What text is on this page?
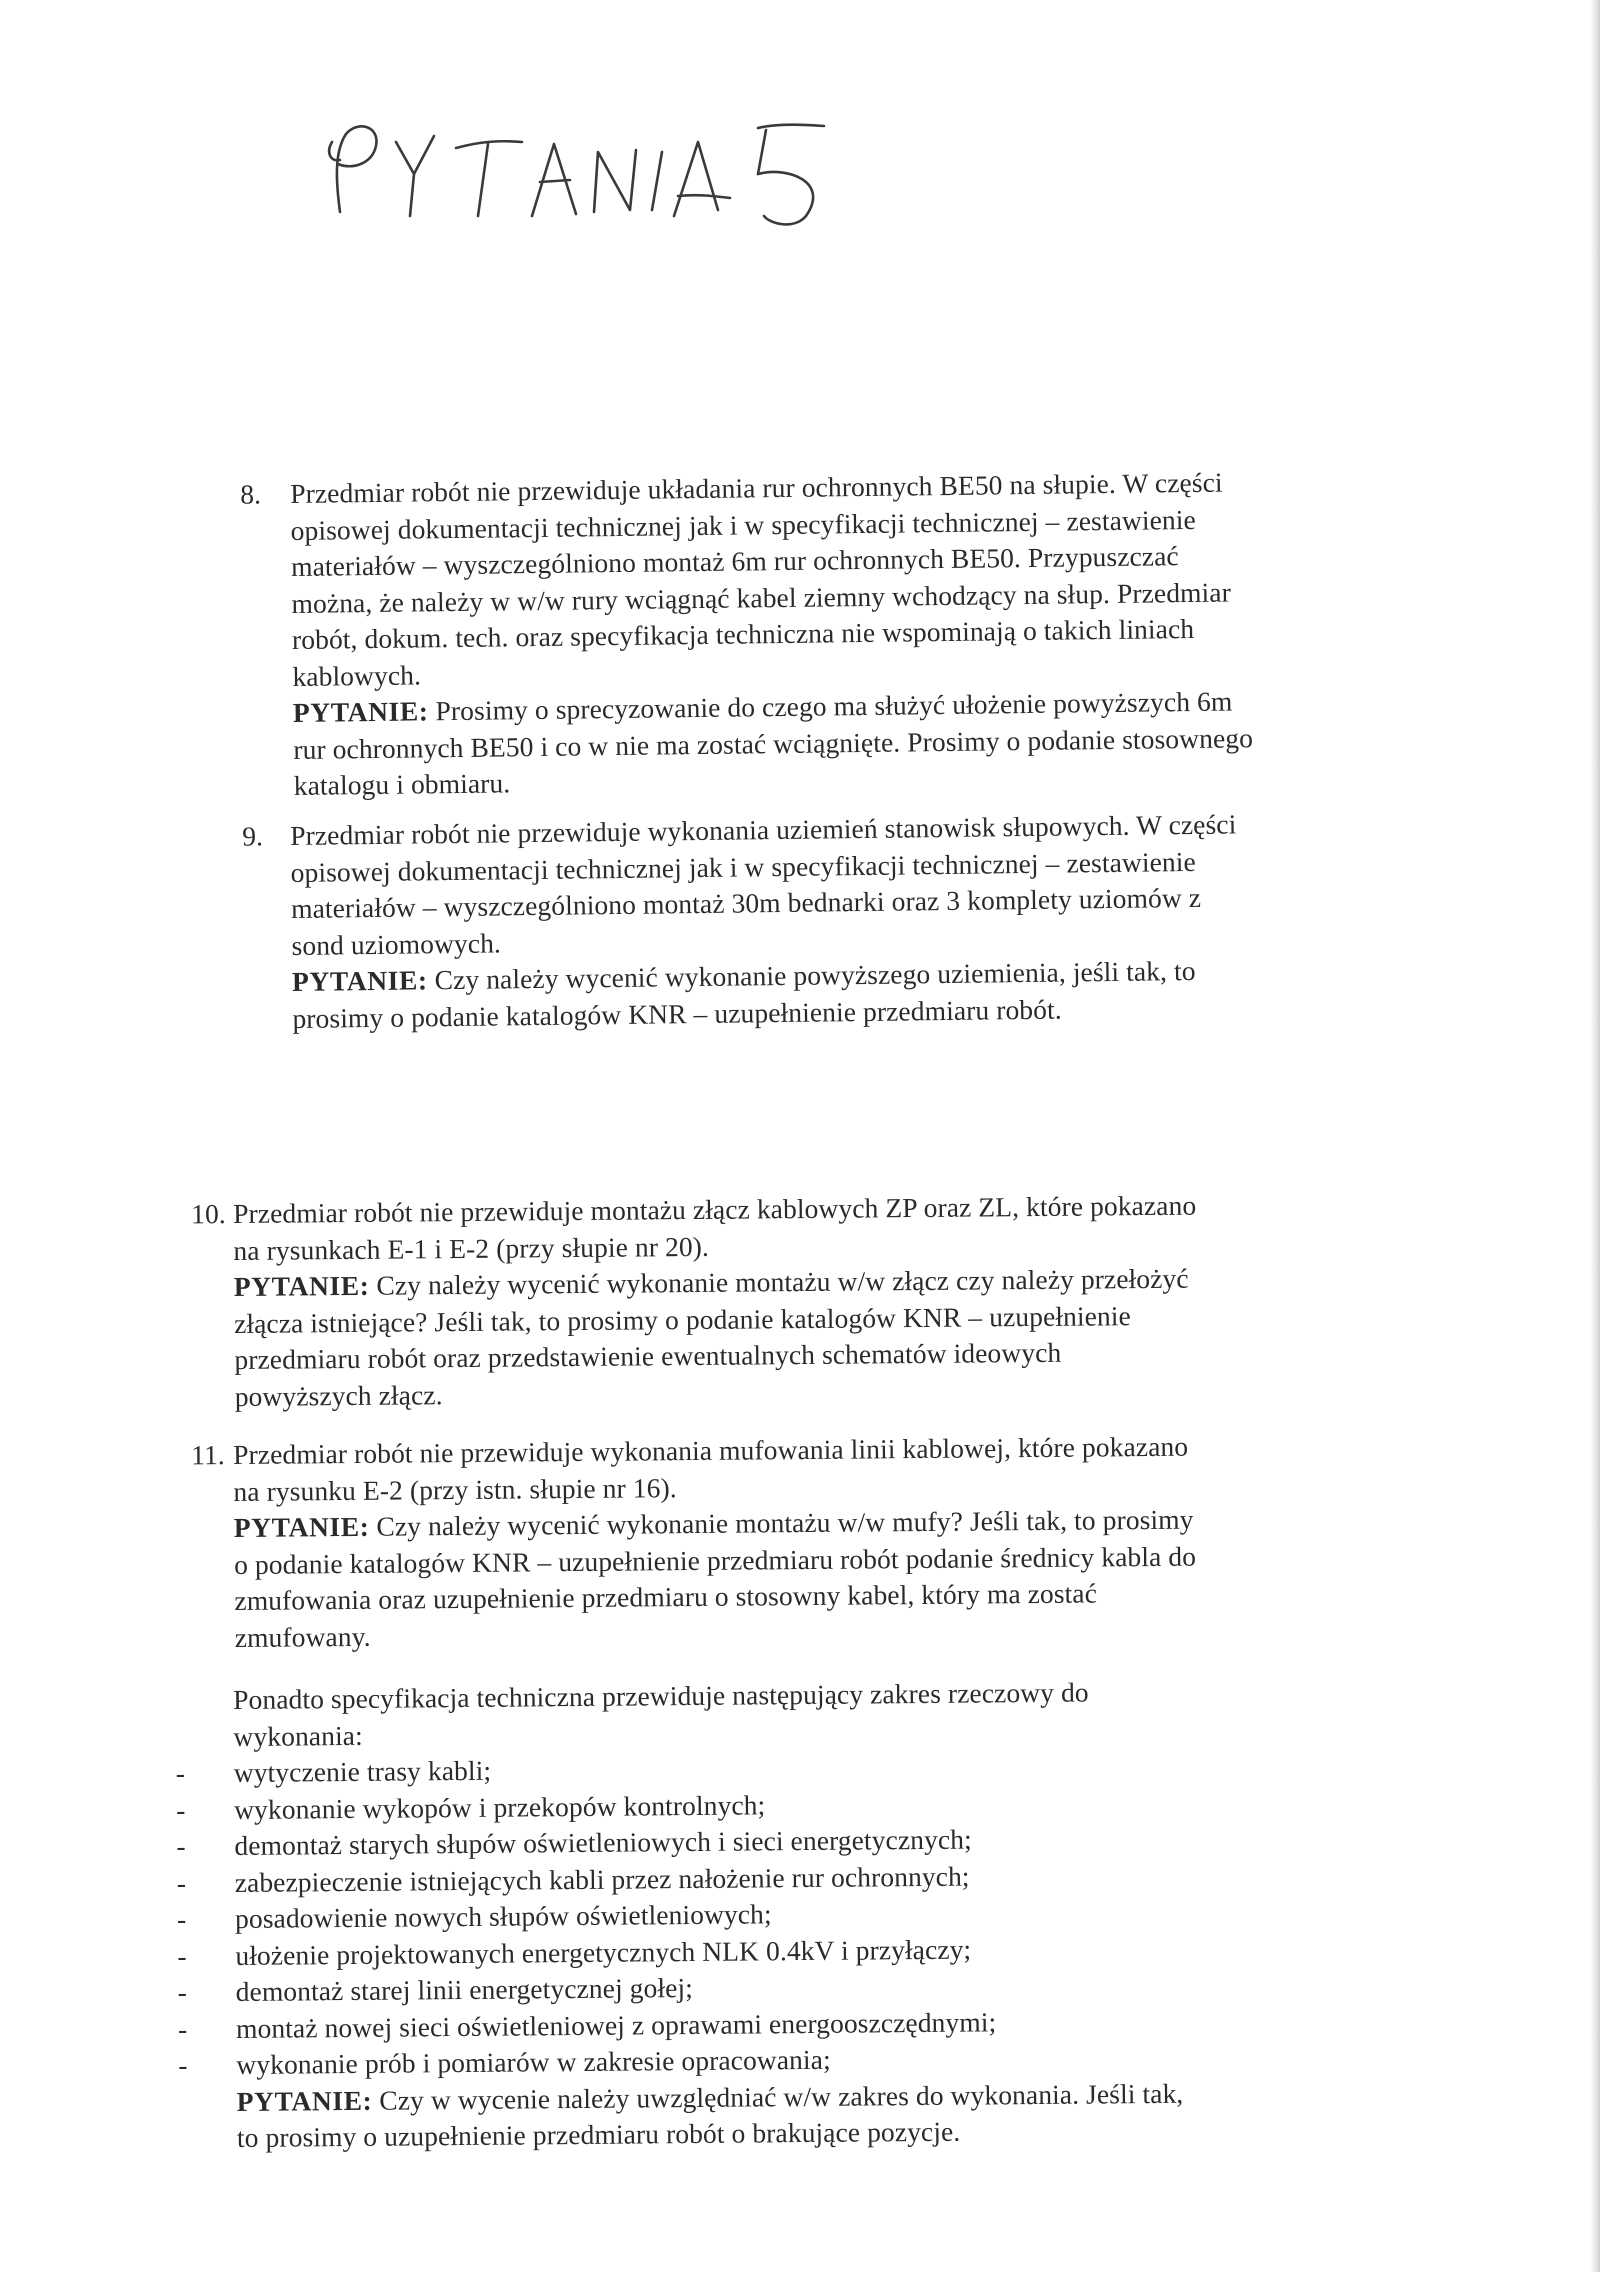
8. Przedmiar robót nie przewiduje układania rur ochronnych BE50 na słupie. W części
opisowej dokumentacji technicznej jak i w specyfikacji technicznej – zestawienie
materiałów – wyszczególniono montaż 6m rur ochronnych BE50. Przypuszczać
można, że należy w w/w rury wciągnąć kabel ziemny wchodzący na słup. Przedmiar
robót, dokum. tech. oraz specyfikacja techniczna nie wspominają o takich liniach
kablowych.
PYTANIE: Prosimy o sprecyzowanie do czego ma służyć ułożenie powyższych 6m
rur ochronnych BE50 i co w nie ma zostać wciągnięte. Prosimy o podanie stosownego
katalogu i obmiaru.
9. Przedmiar robót nie przewiduje wykonania uziemień stanowisk słupowych. W części
opisowej dokumentacji technicznej jak i w specyfikacji technicznej – zestawienie
materiałów – wyszczególniono montaż 30m bednarki oraz 3 komplety uziomów z
sond uziomowych.
PYTANIE: Czy należy wycenić wykonanie powyższego uziemienia, jeśli tak, to
prosimy o podanie katalogów KNR – uzupełnienie przedmiaru robót.
10. Przedmiar robót nie przewiduje montażu złącz kablowych ZP oraz ZL, które pokazano
na rysunkach E-1 i E-2 (przy słupie nr 20).
PYTANIE: Czy należy wycenić wykonanie montażu w/w złącz czy należy przełożyć
złącza istniejące? Jeśli tak, to prosimy o podanie katalogów KNR – uzupełnienie
przedmiaru robót oraz przedstawienie ewentualnych schematów ideowych
powyższych złącz.
11. Przedmiar robót nie przewiduje wykonania mufowania linii kablowej, które pokazano
na rysunku E-2 (przy istn. słupie nr 16).
PYTANIE: Czy należy wycenić wykonanie montażu w/w mufy? Jeśli tak, to prosimy
o podanie katalogów KNR – uzupełnienie przedmiaru robót podanie średnicy kabla do
zmufowania oraz uzupełnienie przedmiaru o stosowny kabel, który ma zostać
zmufowany.
Ponadto specyfikacja techniczna przewiduje następujący zakres rzeczowy do
wykonania:
- wytyczenie trasy kabli;
- wykonanie wykopów i przekopów kontrolnych;
- demontaż starych słupów oświetleniowych i sieci energetycznych;
- zabezpieczenie istniejących kabli przez nałożenie rur ochronnych;
- posadowienie nowych słupów oświetleniowych;
- ułożenie projektowanych energetycznych NLK 0.4kV i przyłączy;
- demontaż starej linii energetycznej gołej;
- montaż nowej sieci oświetleniowej z oprawami energooszczędnymi;
- wykonanie prób i pomiarów w zakresie opracowania;
PYTANIE: Czy w wycenie należy uwzględniać w/w zakres do wykonania. Jeśli tak,
to prosimy o uzupełnienie przedmiaru robót o brakujące pozycje.
